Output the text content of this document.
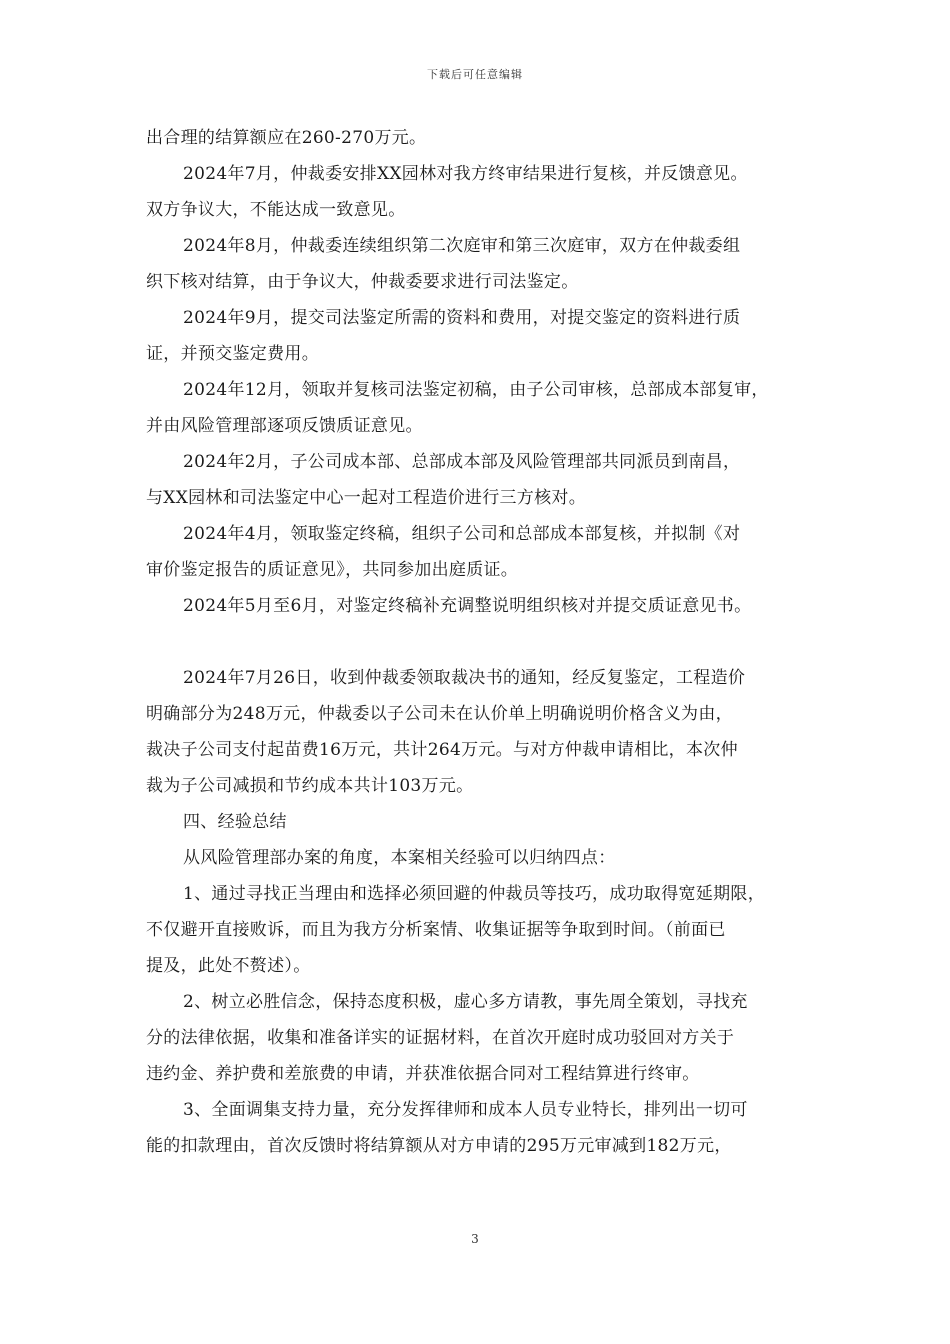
下载后可任意编辑
出合理的结算额应在260-270万元。
2024年7月，仲裁委安排XX园林对我方终审结果进行复核，并反馈意见。
双方争议大，不能达成一致意见。
2024年8月，仲裁委连续组织第二次庭审和第三次庭审，双方在仲裁委组
织下核对结算，由于争议大，仲裁委要求进行司法鉴定。
2024年9月，提交司法鉴定所需的资料和费用，对提交鉴定的资料进行质
证，并预交鉴定费用。
2024年12月，领取并复核司法鉴定初稿，由子公司审核，总部成本部复审，
并由风险管理部逐项反馈质证意见。
2024年2月，子公司成本部、总部成本部及风险管理部共同派员到南昌，
与XX园林和司法鉴定中心一起对工程造价进行三方核对。
2024年4月，领取鉴定终稿，组织子公司和总部成本部复核，并拟制《对
审价鉴定报告的质证意见》，共同参加出庭质证。
2024年5月至6月，对鉴定终稿补充调整说明组织核对并提交质证意见书。
2024年7月26日，收到仲裁委领取裁决书的通知，经反复鉴定，工程造价
明确部分为248万元，仲裁委以子公司未在认价单上明确说明价格含义为由，
裁决子公司支付起苗费16万元，共计264万元。与对方仲裁申请相比，本次仲
裁为子公司减损和节约成本共计103万元。
四、经验总结
从风险管理部办案的角度，本案相关经验可以归纳四点：
1、通过寻找正当理由和选择必须回避的仲裁员等技巧，成功取得宽延期限，
不仅避开直接败诉，而且为我方分析案情、收集证据等争取到时间。（前面已
提及，此处不赘述）。
2、树立必胜信念，保持态度积极，虚心多方请教，事先周全策划，寻找充
分的法律依据，收集和准备详实的证据材料，在首次开庭时成功驳回对方关于
违约金、养护费和差旅费的申请，并获准依据合同对工程结算进行终审。
3、全面调集支持力量，充分发挥律师和成本人员专业特长，排列出一切可
能的扣款理由，首次反馈时将结算额从对方申请的295万元审减到182万元，
3
